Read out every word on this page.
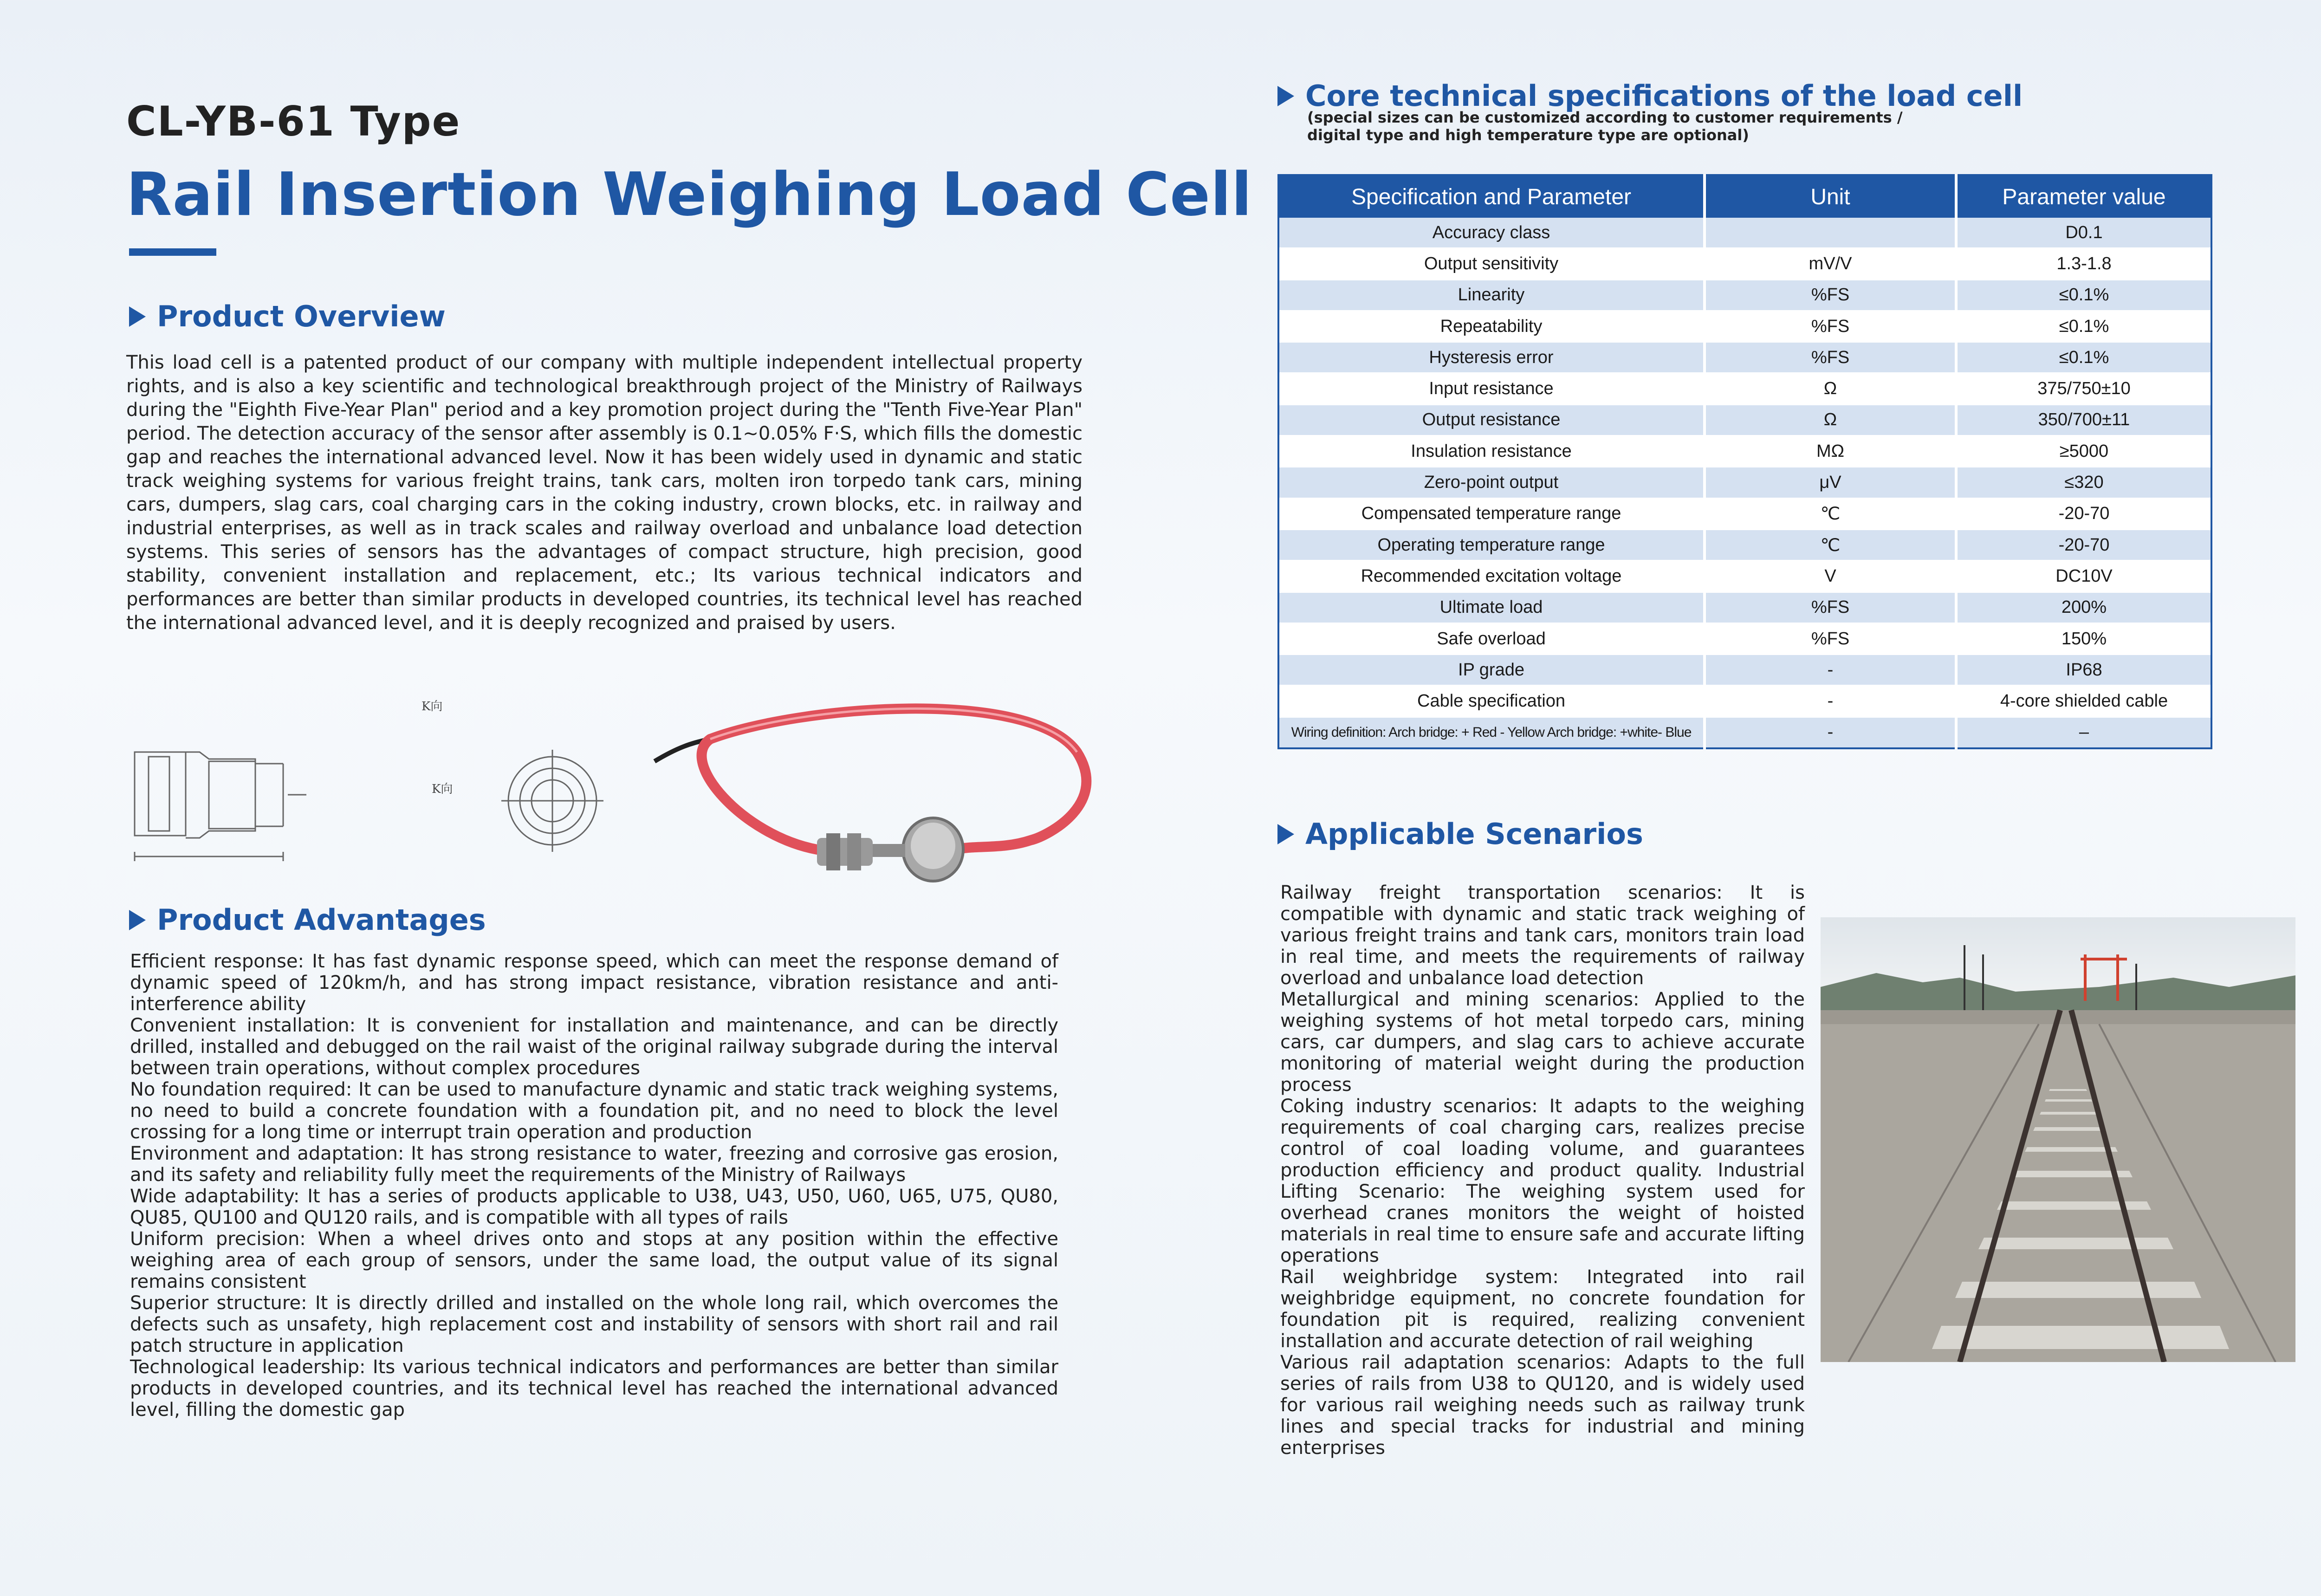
CL-YB-61 Type
Rail Insertion Weighing Load Cell
Product Overview
This load cell is a patented product of our company with multiple independent intellectual property rights, and is also a key scientific and technological breakthrough project of the Ministry of Railways during the "Eighth Five-Year Plan" period and a key promotion project during the "Tenth Five-Year Plan" period. The detection accuracy of the sensor after assembly is 0.1~0.05% F·S, which fills the domestic gap and reaches the international advanced level. Now it has been widely used in dynamic and static track weighing systems for various freight trains, tank cars, molten iron torpedo tank cars, mining cars, dumpers, slag cars, coal charging cars in the coking industry, crown blocks, etc. in railway and industrial enterprises, as well as in track scales and railway overload and unbalance load detection systems. This series of sensors has the advantages of compact structure, high precision, good stability, convenient installation and replacement, etc.; Its various technical indicators and performances are better than similar products in developed countries, its technical level has reached the international advanced level, and it is deeply recognized and praised by users.
K向
K向
Product Advantages

Efficient response: It has fast dynamic response speed, which can meet the response demand of dynamic speed of 120km/h, and has strong impact resistance, vibration resistance and anti-interference ability

Convenient installation: It is convenient for installation and maintenance, and can be directly drilled, installed and debugged on the rail waist of the original railway subgrade during the interval between train operations, without complex procedures

No foundation required: It can be used to manufacture dynamic and static track weighing systems, no need to build a concrete foundation with a foundation pit, and no need to block the level crossing for a long time or interrupt train operation and production

Environment and adaptation: It has strong resistance to water, freezing and corrosive gas erosion, and its safety and reliability fully meet the requirements of the Ministry of Railways

Wide adaptability: It has a series of products applicable to U38, U43, U50, U60, U65, U75, QU80, QU85, QU100 and QU120 rails, and is compatible with all types of rails

Uniform precision: When a wheel drives onto and stops at any position within the effective weighing area of each group of sensors, under the same load, the output value of its signal remains consistent

Superior structure: It is directly drilled and installed on the whole long rail, which overcomes the defects such as unsafety, high replacement cost and instability of sensors with short rail and rail patch structure in application

Technological leadership: Its various technical indicators and performances are better than similar products in developed countries, and its technical level has reached the international advanced level, filling the domestic gap

Core technical specifications of the load cell
(special sizes can be customized according to customer requirements / digital type and high temperature type are optional)
Specification and Parameter	Unit	Parameter value
Accuracy class		D0.1
Output sensitivity	mV/V	1.3-1.8
Linearity	%FS	≤0.1%
Repeatability	%FS	≤0.1%
Hysteresis error	%FS	≤0.1%
Input resistance	Ω	375/750±10
Output resistance	Ω	350/700±11
Insulation resistance	MΩ	≥5000
Zero-point output	μV	≤320
Compensated temperature range	℃	-20-70
Operating temperature range	℃	-20-70
Recommended excitation voltage	V	DC10V
Ultimate load	%FS	200%
Safe overload	%FS	150%
IP grade	-	IP68
Cable specification	-	4-core shielded cable
Wiring definition: Arch bridge: + Red - Yellow Arch bridge: +white- Blue	-	–
Applicable Scenarios

Railway freight transportation scenarios: It is compatible with dynamic and static track weighing of various freight trains and tank cars, monitors train load in real time, and meets the requirements of railway overload and unbalance load detection

Metallurgical and mining scenarios: Applied to the weighing systems of hot metal torpedo cars, mining cars, car dumpers, and slag cars to achieve accurate monitoring of material weight during the production process

Coking industry scenarios: It adapts to the weighing requirements of coal charging cars, realizes precise control of coal loading volume, and guarantees production efficiency and product quality. Industrial Lifting Scenario: The weighing system used for overhead cranes monitors the weight of hoisted materials in real time to ensure safe and accurate lifting operations

Rail weighbridge system: Integrated into rail weighbridge equipment, no concrete foundation for foundation pit is required, realizing convenient installation and accurate detection of rail weighing

Various rail adaptation scenarios: Adapts to the full series of rails from U38 to QU120, and is widely used for various rail weighing needs such as railway trunk lines and special tracks for industrial and mining enterprises
